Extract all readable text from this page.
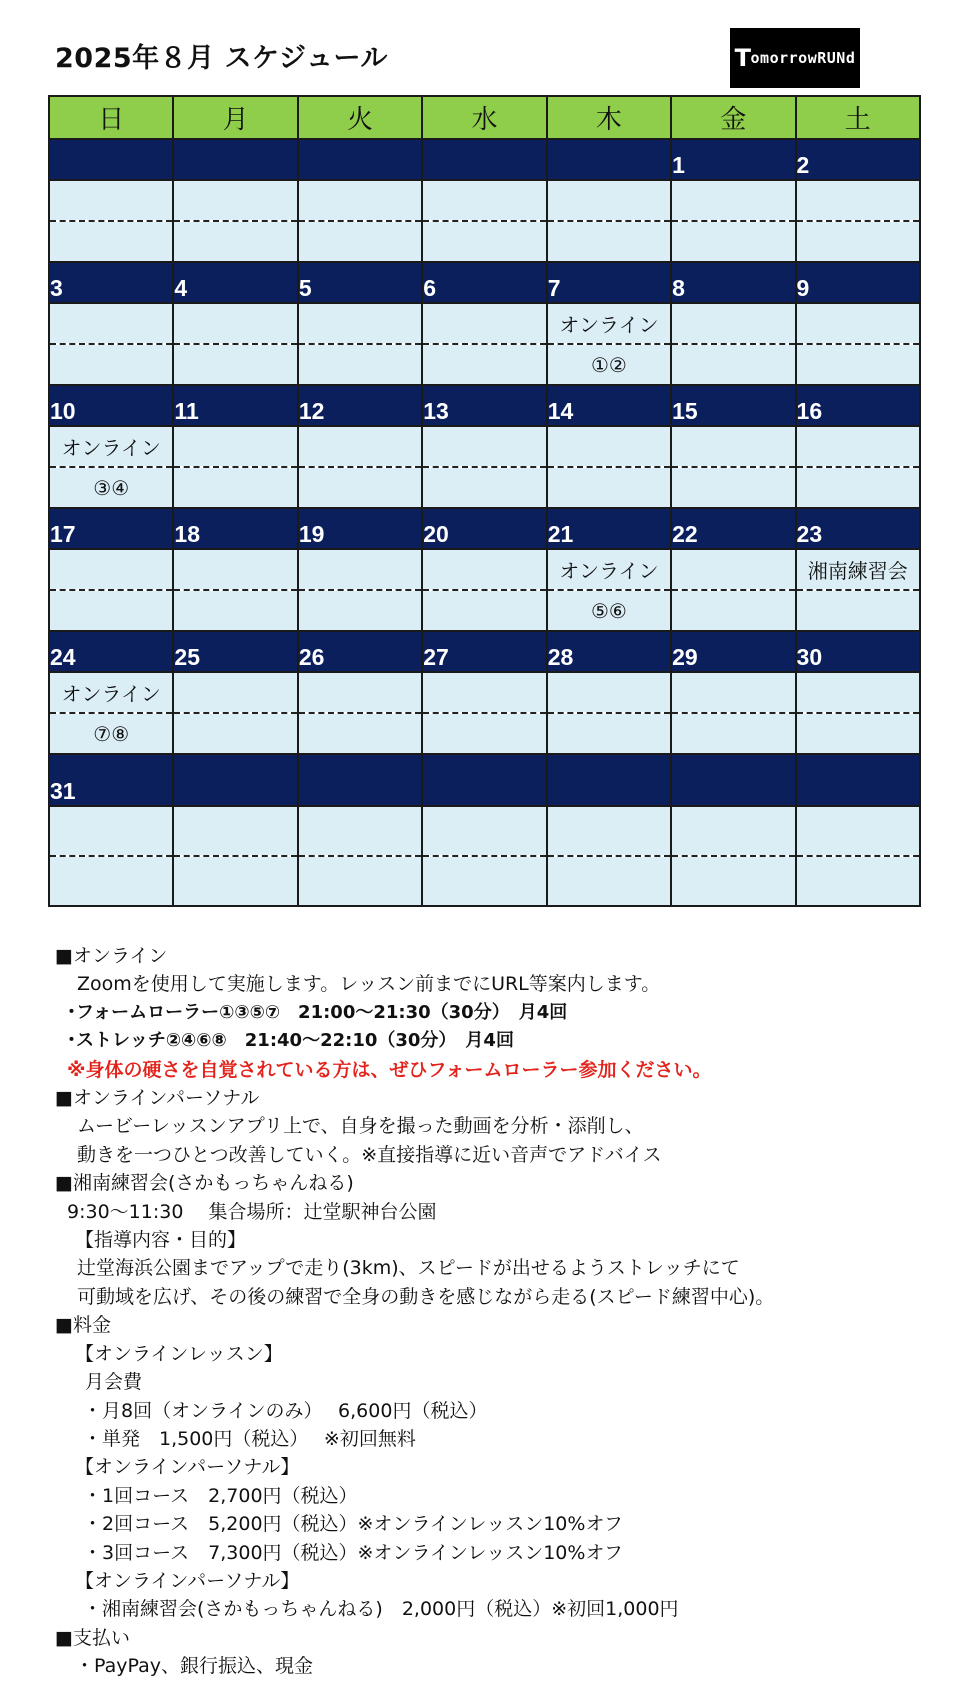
2025年８月 スケジュール	T omorrowRUNd
日	月	火	水	木	金	土
					1	2

3	4	5	6	7	8	9
				オンライン		
				①②		
10	11	12	13	14	15	16
オンライン						
③④						
17	18	19	20	21	22	23
				オンライン		湘南練習会
				⑤⑥		
24	25	26	27	28	29	30
オンライン						
⑦⑧						
31						

■オンライン
Zoomを使用して実施します。レッスン前までにURL等案内します。
･フォームローラー①③⑤⑦　21:00～21:30（30分）　月4回
･ストレッチ②④⑥⑧　21:40～22:10（30分）　月4回
※身体の硬さを自覚されている方は、ぜひフォームローラー参加ください。
■オンラインパーソナル
ムービーレッスンアプリ上で、自身を撮った動画を分析・添削し、
動きを一つひとつ改善していく。※直接指導に近い音声でアドバイス
■湘南練習会(さかもっちゃんねる)
9:30～11:30　 集合場所：辻堂駅神台公園
【指導内容・目的】
辻堂海浜公園までアップで走り(3km)、スピードが出せるようストレッチにて
可動域を広げ、その後の練習で全身の動きを感じながら走る(スピード練習中心)。
■料金
【オンラインレッスン】
月会費
・月8回（オンラインのみ）　 6,600円（税込）
・単発　1,500円（税込）　 ※初回無料
【オンラインパーソナル】
・1回コース　2,700円（税込）
・2回コース　5,200円（税込）※オンラインレッスン10%オフ
・3回コース　7,300円（税込）※オンラインレッスン10%オフ
【オンラインパーソナル】
・湘南練習会(さかもっちゃんねる)　2,000円（税込）※初回1,000円
■支払い
・PayPay、銀行振込、現金
